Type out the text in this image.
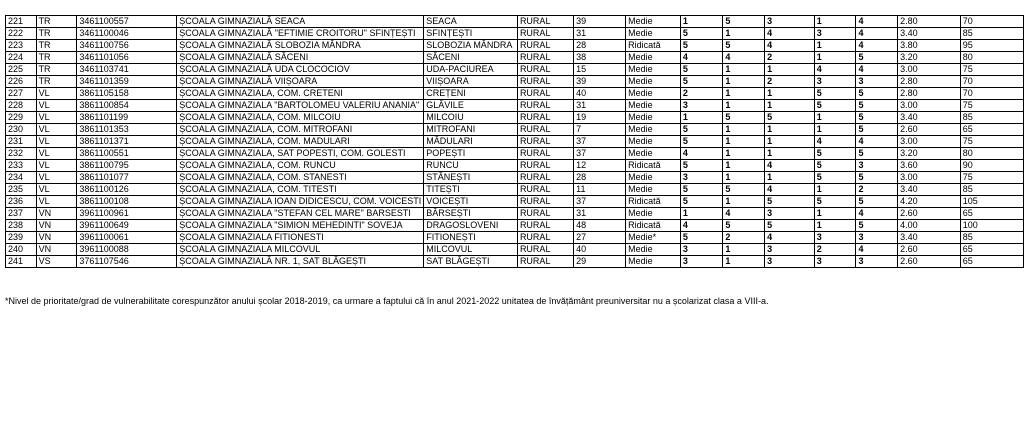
221	TR	3461100557	ȘCOALA GIMNAZIALĂ SEACA	SEACA	RURAL	39	Medie	1	5	3	1	4	2.80	70
222	TR	3461100046	ȘCOALA GIMNAZIALĂ "EFTIMIE CROITORU" SFINȚEȘTI	SFINȚEȘTI	RURAL	31	Medie	5	1	4	3	4	3.40	85
223	TR	3461100756	ȘCOALA GIMNAZIALĂ SLOBOZIA MÂNDRA	SLOBOZIA MÂNDRA	RURAL	28	Ridicată	5	5	4	1	4	3.80	95
224	TR	3461101056	ȘCOALA GIMNAZIALĂ SĂCENI	SĂCENI	RURAL	38	Medie	4	4	2	1	5	3.20	80
225	TR	3461103741	ȘCOALA GIMNAZIALĂ UDA CLOCOCIOV	UDA-PACIUREA	RURAL	15	Medie	5	1	1	4	4	3.00	75
226	TR	3461101359	ȘCOALA GIMNAZIALĂ VIIȘOARA	VIIȘOARA	RURAL	39	Medie	5	1	2	3	3	2.80	70
227	VL	3861105158	ȘCOALA GIMNAZIALA, COM. CRETENI	CREȚENI	RURAL	40	Medie	2	1	1	5	5	2.80	70
228	VL	3861100854	ȘCOALA GIMNAZIALA "BARTOLOMEU VALERIU ANANIA"	GLĂVILE	RURAL	31	Medie	3	1	1	5	5	3.00	75
229	VL	3861101199	ȘCOALA GIMNAZIALA, COM. MILCOIU	MILCOIU	RURAL	19	Medie	1	5	5	1	5	3.40	85
230	VL	3861101353	ȘCOALA GIMNAZIALA, COM. MITROFANI	MITROFANI	RURAL	7	Medie	5	1	1	1	5	2.60	65
231	VL	3861101371	ȘCOALA GIMNAZIALA, COM. MADULARI	MĂDULARI	RURAL	37	Medie	5	1	1	4	4	3.00	75
232	VL	3861100551	ȘCOALA GIMNAZIALA, SAT POPESTI, COM. GOLESTI	POPEȘTI	RURAL	37	Medie	4	1	1	5	5	3.20	80
233	VL	3861100795	ȘCOALA GIMNAZIALA, COM. RUNCU	RUNCU	RURAL	12	Ridicată	5	1	4	5	3	3.60	90
234	VL	3861101077	ȘCOALA GIMNAZIALA, COM. STANESTI	STĂNEȘTI	RURAL	28	Medie	3	1	1	5	5	3.00	75
235	VL	3861100126	ȘCOALA GIMNAZIALA, COM. TITESTI	TITEȘTI	RURAL	11	Medie	5	5	4	1	2	3.40	85
236	VL	3861100108	ȘCOALA GIMNAZIALA IOAN DIDICESCU, COM. VOICESTI	VOICEȘTI	RURAL	37	Ridicată	5	1	5	5	5	4.20	105
237	VN	3961100961	ȘCOALA GIMNAZIALA "STEFAN CEL MARE" BARSESTI	BÂRSEȘTI	RURAL	31	Medie	1	4	3	1	4	2.60	65
238	VN	3961100649	ȘCOALA GIMNAZIALA "SIMION MEHEDINTI" SOVEJA	DRAGOSLOVENI	RURAL	48	Ridicată	4	5	5	1	5	4.00	100
239	VN	3961100061	ȘCOALA GIMNAZIALA FITIONESTI	FITIONEȘTI	RURAL	27	Medie*	5	2	4	3	3	3.40	85
240	VN	3961100088	ȘCOALA GIMNAZIALA MILCOVUL	MILCOVUL	RURAL	40	Medie	3	1	3	2	4	2.60	65
241	VS	3761107546	ȘCOALA GIMNAZIALĂ NR. 1, SAT BLĂGEȘTI	SAT BLĂGEȘTI	RURAL	29	Medie	3	1	3	3	3	2.60	65
*Nivel de prioritate/grad de vulnerabilitate corespunzător anului școlar 2018-2019, ca urmare a faptului că în anul 2021-2022 unitatea de învățământ preuniversitar nu a școlarizat clasa a VIII-a.
